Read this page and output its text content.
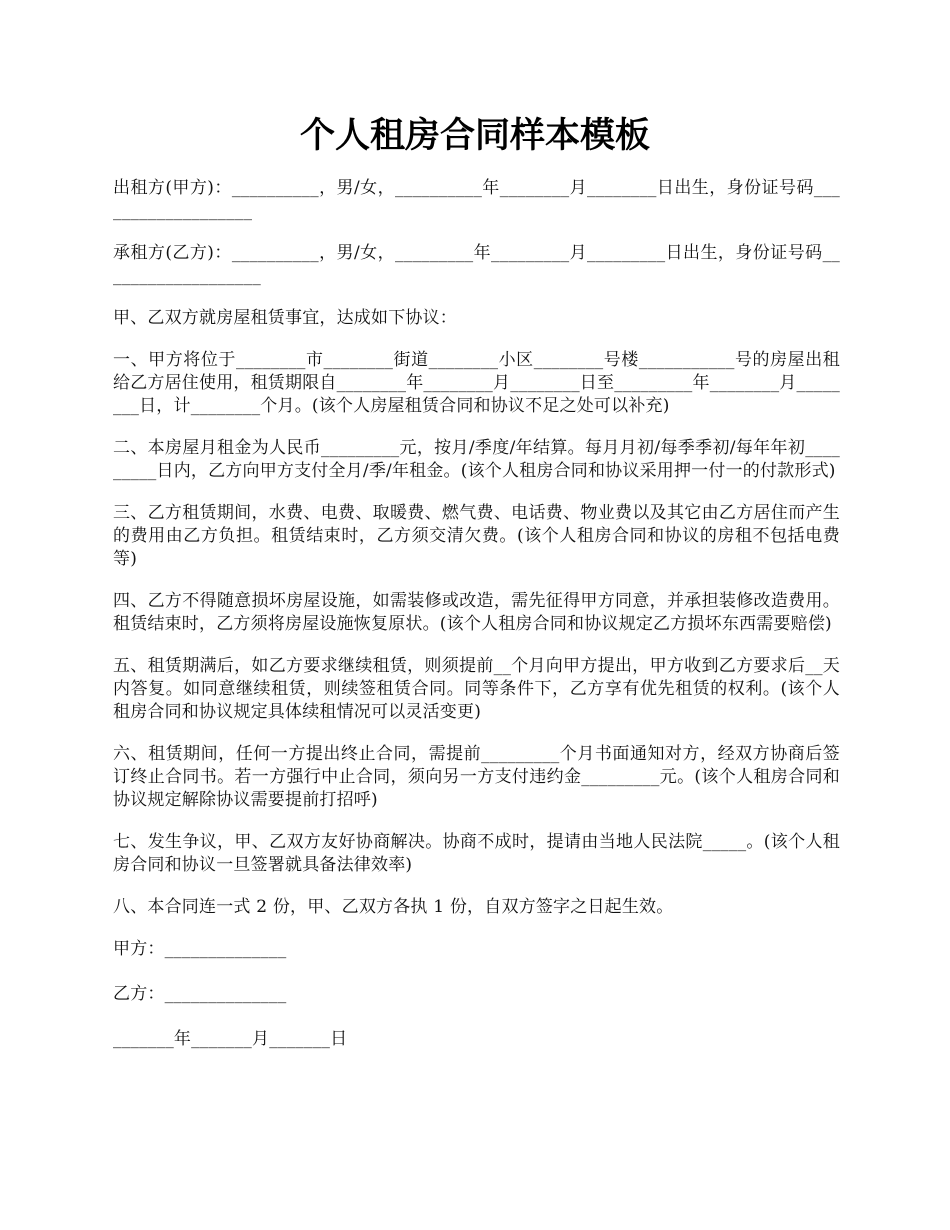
个人租房合同样本模板

出租方(甲方)：__________，男/女，__________年________月________日出生，身份证号码___________________

承租方(乙方)：__________，男/女，_________年_________月_________日出生，身份证号码___________________

甲、乙双方就房屋租赁事宜，达成如下协议：

一、甲方将位于________市________街道________小区________号楼___________号的房屋出租给乙方居住使用，租赁期限自________年________月________日至_________年________月________日，计________个月。(该个人房屋租赁合同和协议不足之处可以补充)

二、本房屋月租金为人民币_________元，按月/季度/年结算。每月月初/每季季初/每年年初_________日内，乙方向甲方支付全月/季/年租金。(该个人租房合同和协议采用押一付一的付款形式)

三、乙方租赁期间，水费、电费、取暖费、燃气费、电话费、物业费以及其它由乙方居住而产生的费用由乙方负担。租赁结束时，乙方须交清欠费。(该个人租房合同和协议的房租不包括电费等)

四、乙方不得随意损坏房屋设施，如需装修或改造，需先征得甲方同意，并承担装修改造费用。租赁结束时，乙方须将房屋设施恢复原状。(该个人租房合同和协议规定乙方损坏东西需要赔偿)

五、租赁期满后，如乙方要求继续租赁，则须提前__个月向甲方提出，甲方收到乙方要求后__天内答复。如同意继续租赁，则续签租赁合同。同等条件下，乙方享有优先租赁的权利。(该个人租房合同和协议规定具体续租情况可以灵活变更)

六、租赁期间，任何一方提出终止合同，需提前_________个月书面通知对方，经双方协商后签订终止合同书。若一方强行中止合同，须向另一方支付违约金_________元。(该个人租房合同和协议规定解除协议需要提前打招呼)

七、发生争议，甲、乙双方友好协商解决。协商不成时，提请由当地人民法院_____。(该个人租房合同和协议一旦签署就具备法律效率)

八、本合同连一式 2 份，甲、乙双方各执 1 份，自双方签字之日起生效。

甲方：______________

乙方：______________

_______年_______月_______日
